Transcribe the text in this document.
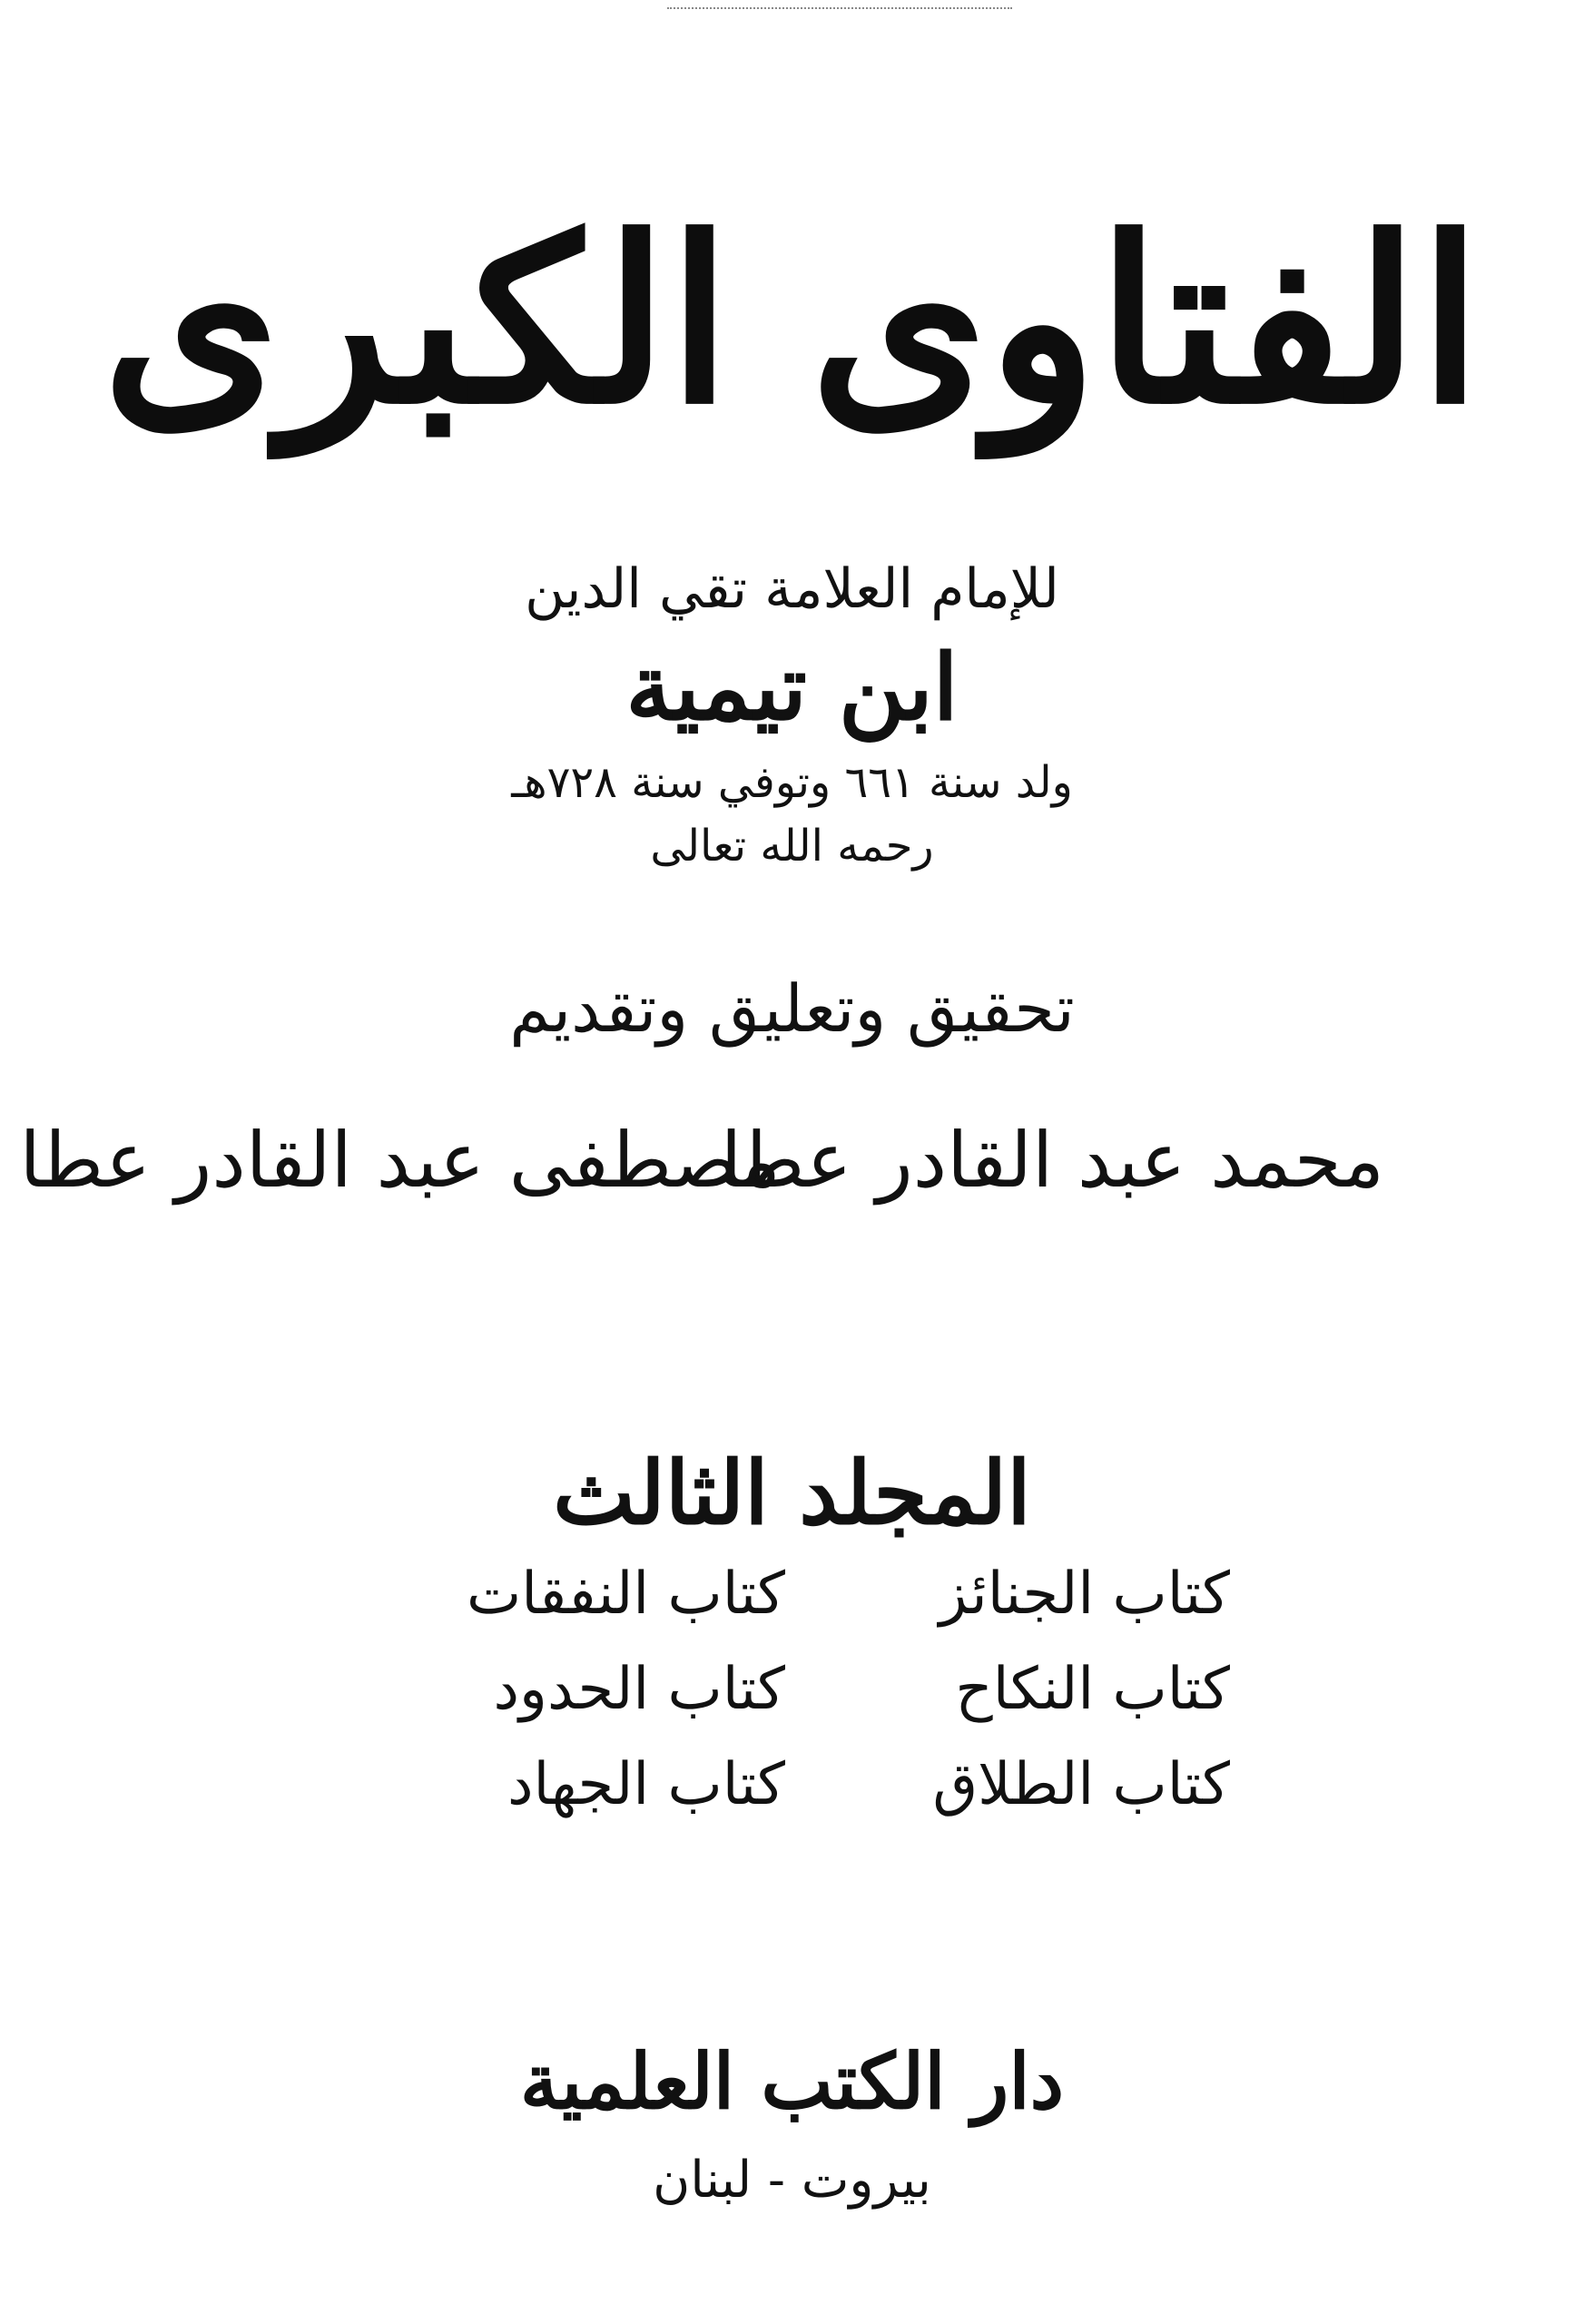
الفتاوى الكبرى
للإمام العلامة تقي الدين
ابن تيمية
ولد سنة ٦٦١ وتوفي سنة ٧٢٨هـ
رحمه الله تعالى
تحقيق وتعليق وتقديم
محمد عبد القادر عطا
مصطفى عبد القادر عطا
المجلد الثالث
كتاب الجنائز
كتاب النفقات
كتاب النكاح
كتاب الحدود
كتاب الطلاق
كتاب الجهاد
دار الكتب العلمية
بيروت - لبنان
